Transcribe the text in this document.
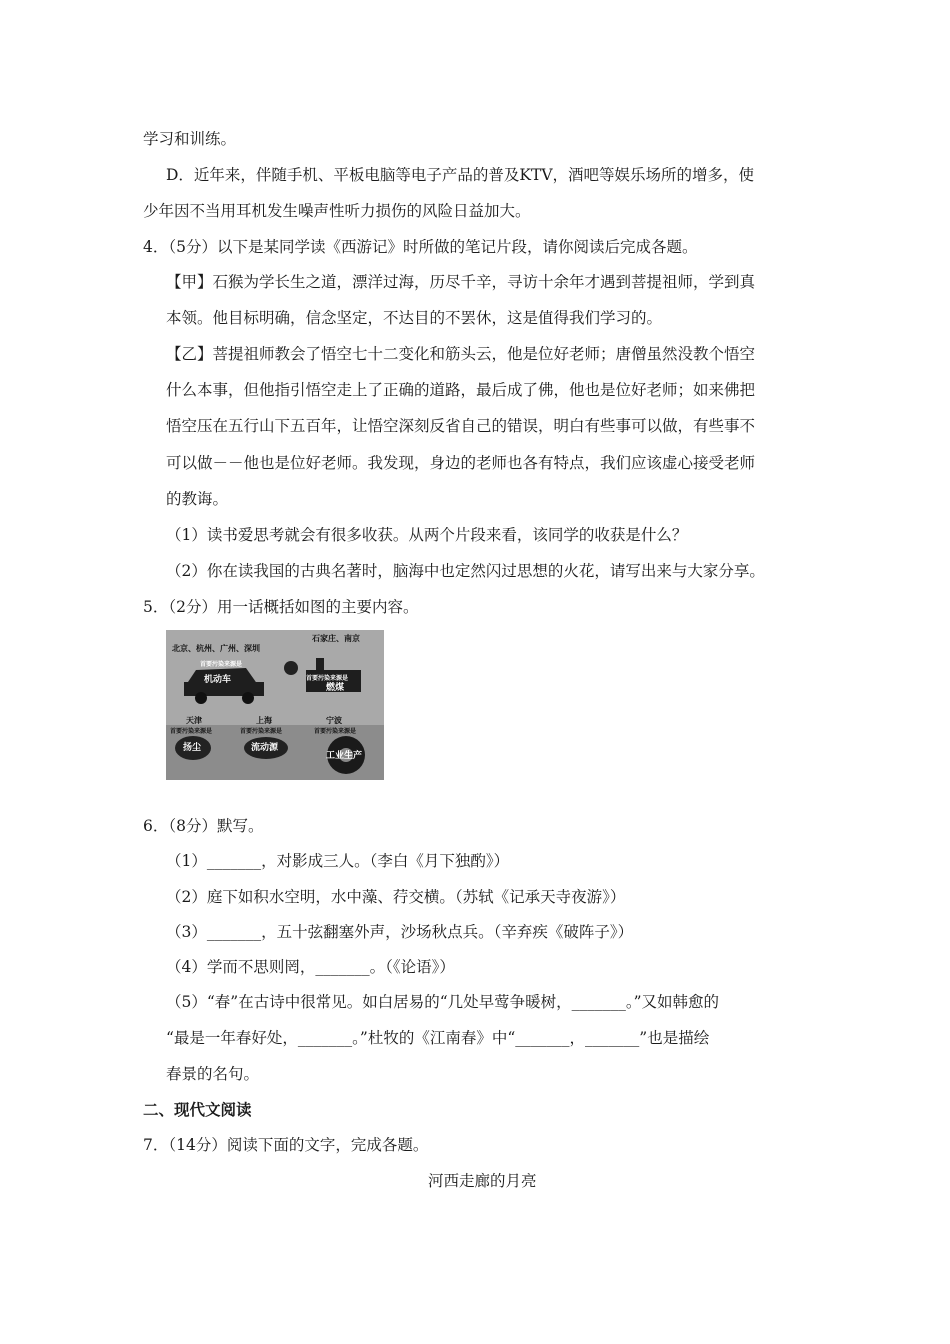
学习和训练。
D．近年来，伴随手机、平板电脑等电子产品的普及KTV，酒吧等娱乐场所的增多，使
少年因不当用耳机发生噪声性听力损伤的风险日益加大。
4．（5分）以下是某同学读《西游记》时所做的笔记片段，请你阅读后完成各题。
【甲】石猴为学长生之道，漂洋过海，历尽千辛，寻访十余年才遇到菩提祖师，学到真
本领。他目标明确，信念坚定，不达目的不罢休，这是值得我们学习的。
【乙】菩提祖师教会了悟空七十二变化和筋头云，他是位好老师；唐僧虽然没教个悟空
什么本事，但他指引悟空走上了正确的道路，最后成了佛，他也是位好老师；如来佛把
悟空压在五行山下五百年，让悟空深刻反省自己的错误，明白有些事可以做，有些事不
可以做－－他也是位好老师。我发现，身边的老师也各有特点，我们应该虚心接受老师
的教诲。
（1）读书爱思考就会有很多收获。从两个片段来看，该同学的收获是什么？
（2）你在读我国的古典名著时，脑海中也定然闪过思想的火花，请写出来与大家分享。
5．（2分）用一话概括如图的主要内容。
北京、杭州、广州、深圳
石家庄、南京
首要污染来源是
机动车	首要污染来源是
燃煤
天津	上海	宁波
首要污染来源是	首要污染来源是	首要污染来源是
扬尘	流动源
工业生产
6．（8分）默写。
（1）_______，对影成三人。（李白《月下独酌》）
（2）庭下如积水空明，水中藻、荇交横。（苏轼《记承天寺夜游》）
（3）_______，五十弦翻塞外声，沙场秋点兵。（辛弃疾《破阵子》）
（4）学而不思则罔，_______。（《论语》）
（5）“春”在古诗中很常见。如白居易的“几处早莺争暖树，_______。”又如韩愈的
“最是一年春好处，_______。”杜牧的《江南春》中“_______，_______”也是描绘
春景的名句。
二、现代文阅读
7．（14分）阅读下面的文字，完成各题。
河西走廊的月亮
